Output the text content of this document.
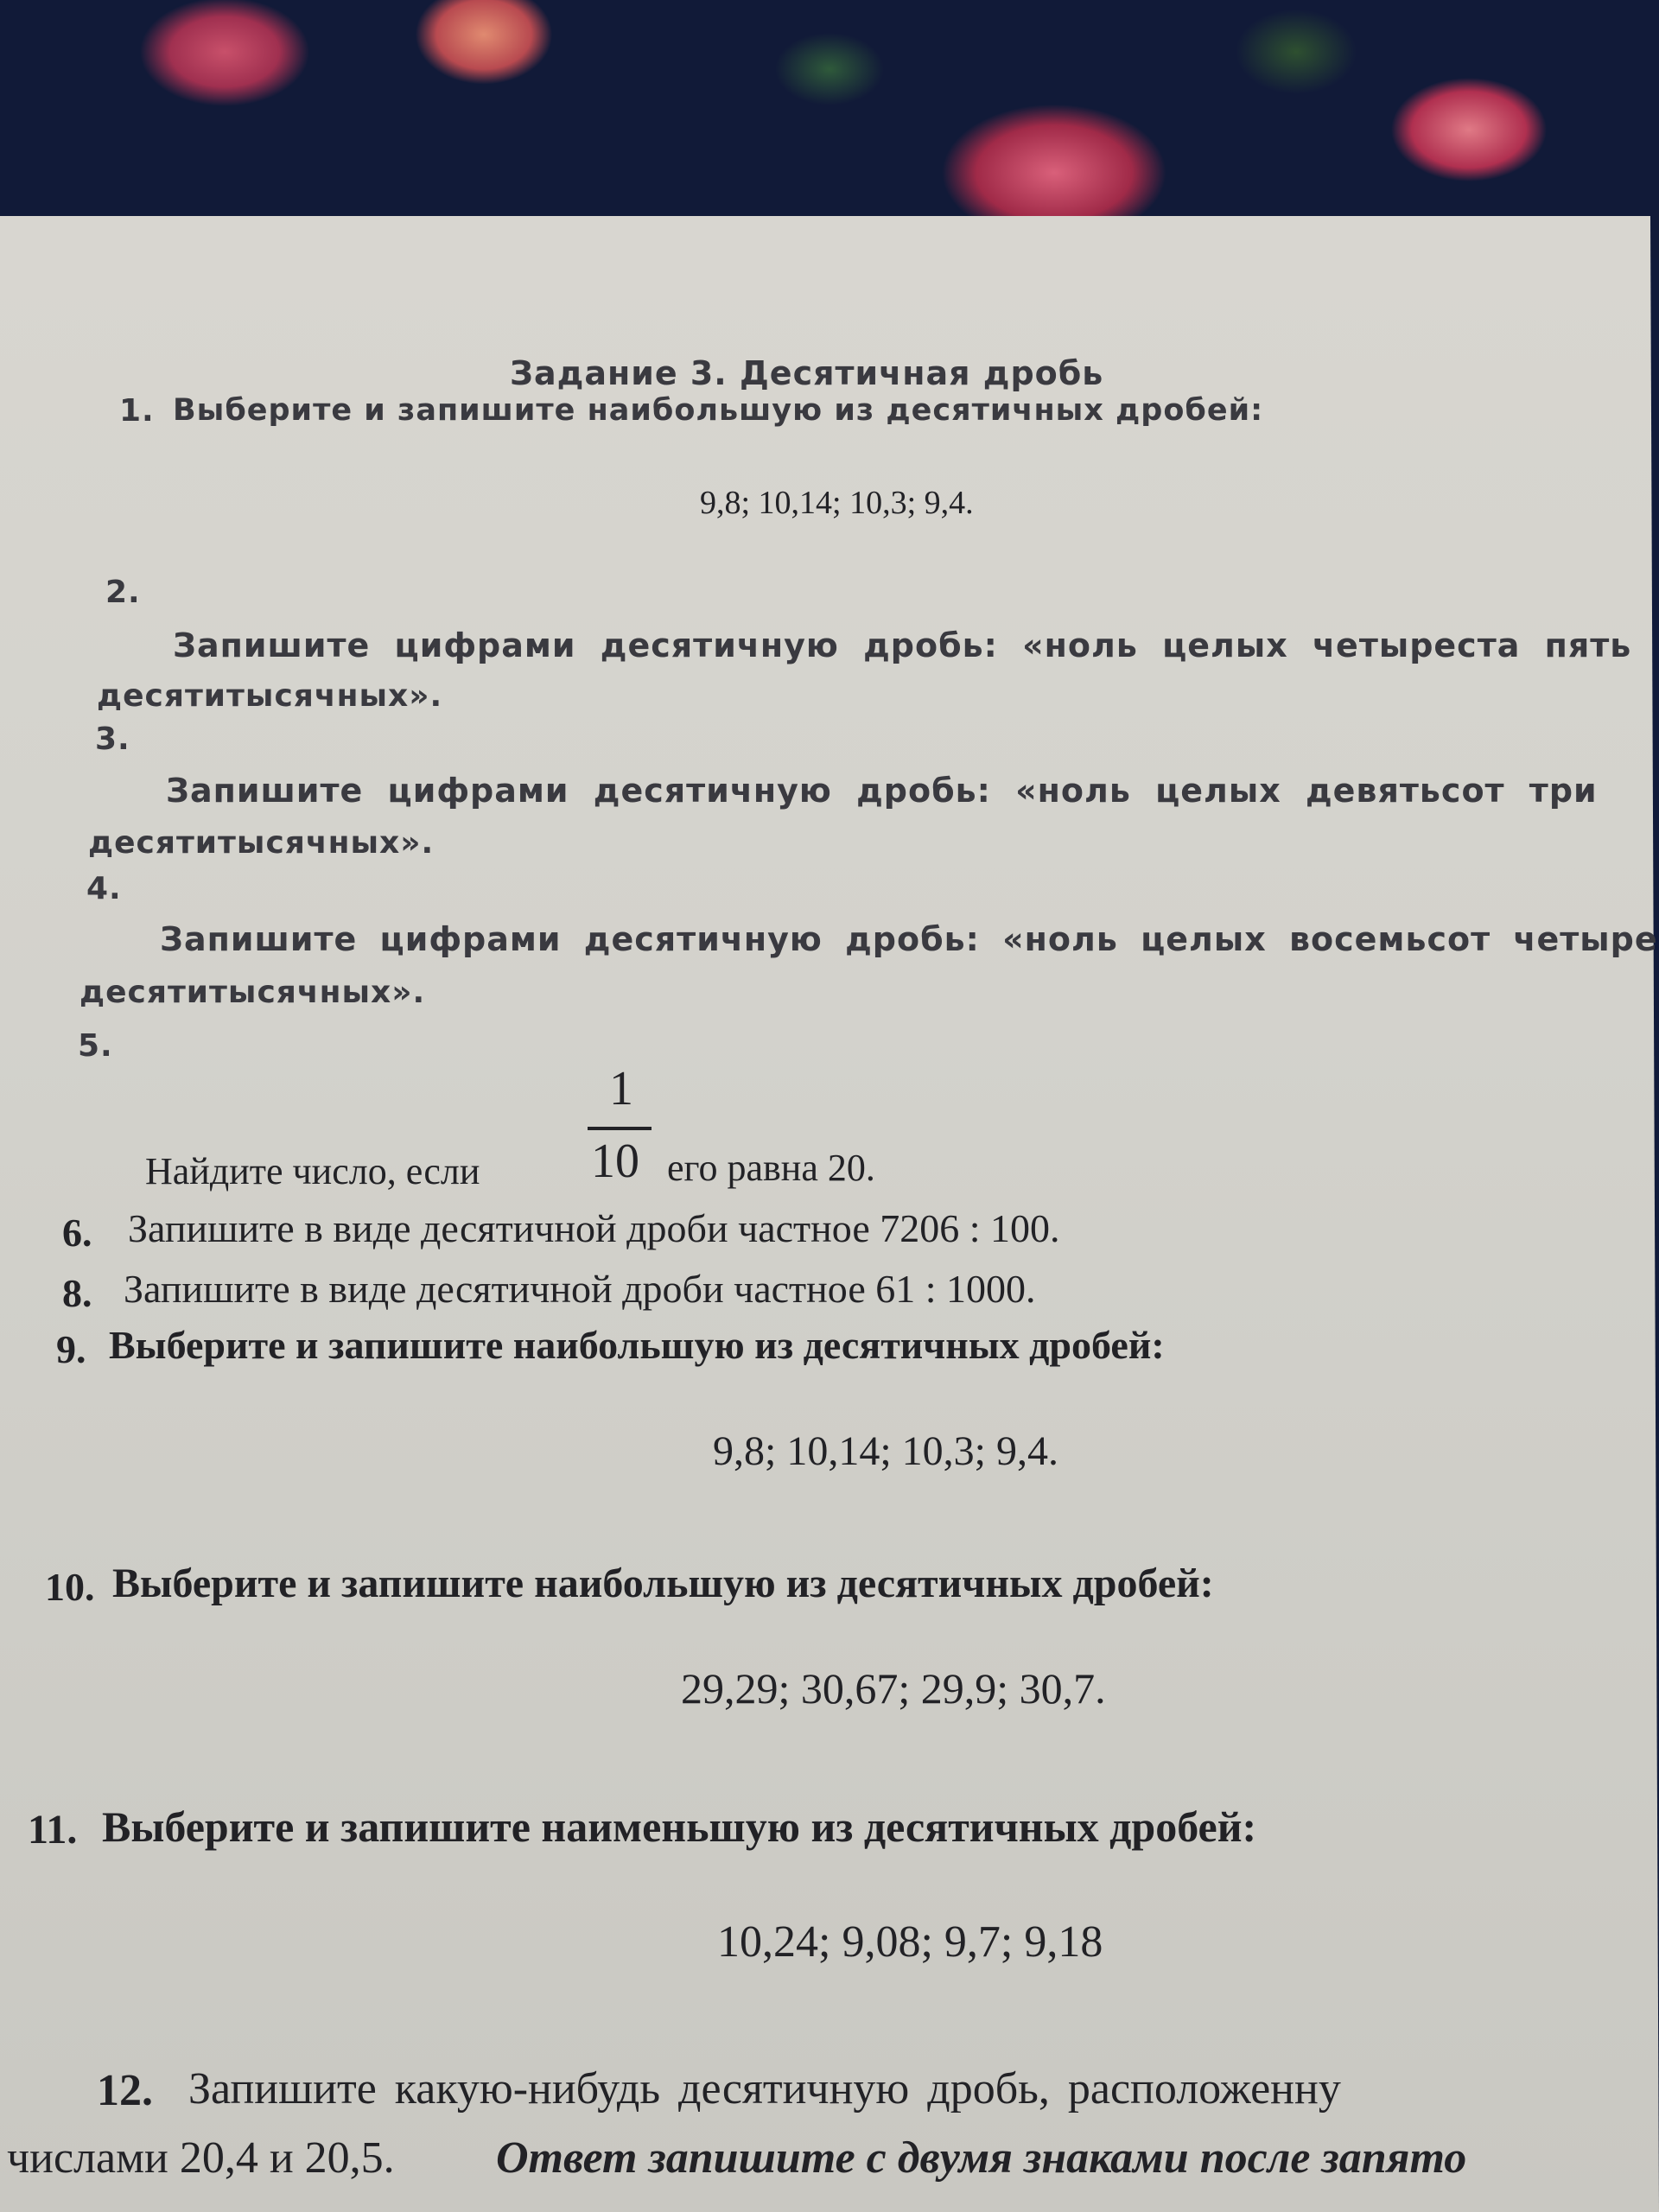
Задание 3. Десятичная дробь
1. Выберите и запишите наибольшую из десятичных дробей:
9,8; 10,14; 10,3; 9,4.
2.
Запишите цифрами десятичную дробь: «ноль целых четыреста пять
десятитысячных».
3.
Запишите цифрами десятичную дробь: «ноль целых девятьсот три
десятитысячных».
4.
Запишите цифрами десятичную дробь: «ноль целых восемьсот четыре
десятитысячных».
5.
1
10
Найдите число, если	его равна 20.
6. Запишите в виде десятичной дроби частное 7206 : 100.
8. Запишите в виде десятичной дроби частное 61 : 1000.
9. Выберите и запишите наибольшую из десятичных дробей:
9,8; 10,14; 10,3; 9,4.
10. Выберите и запишите наибольшую из десятичных дробей:
29,29; 30,67; 29,9; 30,7.
11. Выберите и запишите наименьшую из десятичных дробей:
10,24; 9,08; 9,7; 9,18
12. Запишите какую-нибудь десятичную дробь, расположенну
числами 20,4 и 20,5. Ответ запишите с двумя знаками после запято
